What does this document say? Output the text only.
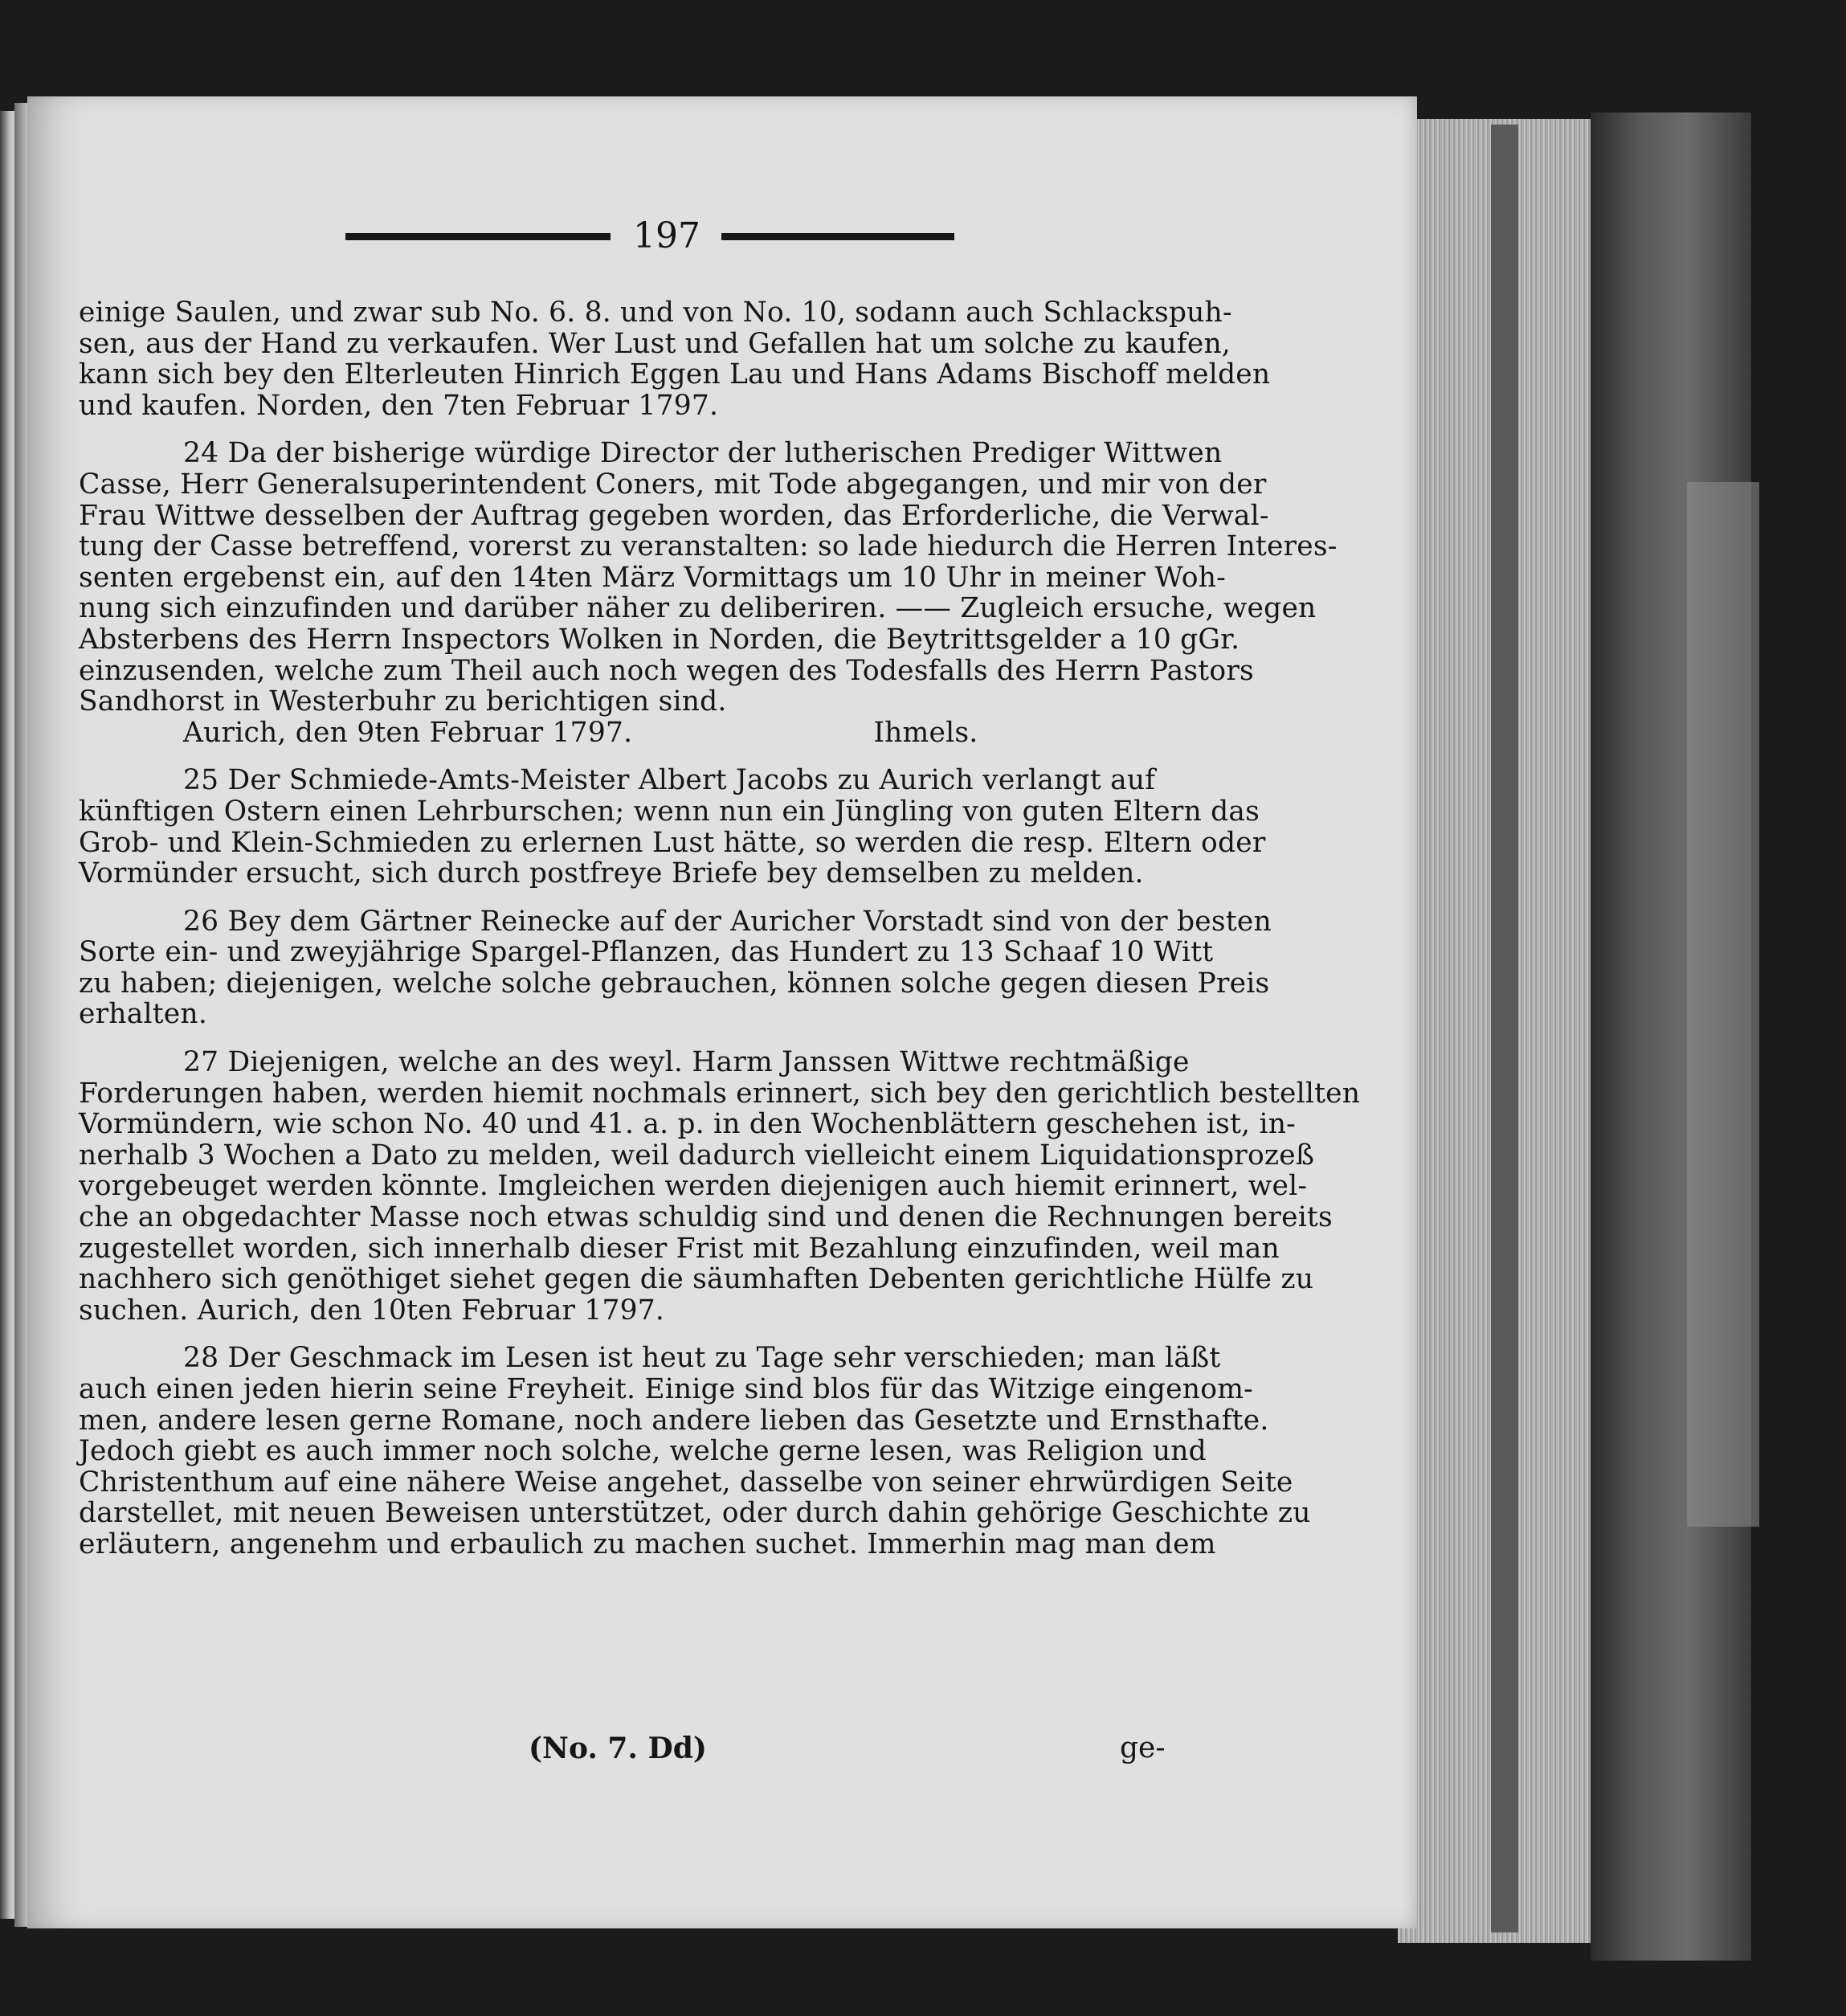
197

einige Saulen, und zwar sub No. 6. 8. und von No. 10, sodann auch Schlackspuh-
sen, aus der Hand zu verkaufen. Wer Lust und Gefallen hat um solche zu kaufen,
kann sich bey den Elterleuten Hinrich Eggen Lau und Hans Adams Bischoff melden
und kaufen. Norden, den 7ten Februar 1797.

24 Da der bisherige würdige Director der lutherischen Prediger Wittwen
Casse, Herr Generalsuperintendent Coners, mit Tode abgegangen, und mir von der
Frau Wittwe desselben der Auftrag gegeben worden, das Erforderliche, die Verwal-
tung der Casse betreffend, vorerst zu veranstalten: so lade hiedurch die Herren Interes-
senten ergebenst ein, auf den 14ten März Vormittags um 10 Uhr in meiner Woh-
nung sich einzufinden und darüber näher zu deliberiren. —— Zugleich ersuche, wegen
Absterbens des Herrn Inspectors Wolken in Norden, die Beytrittsgelder a 10 gGr.
einzusenden, welche zum Theil auch noch wegen des Todesfalls des Herrn Pastors
Sandhorst in Westerbuhr zu berichtigen sind.
Aurich, den 9ten Februar 1797.	Ihmels.

25 Der Schmiede-Amts-Meister Albert Jacobs zu Aurich verlangt auf
künftigen Ostern einen Lehrburschen; wenn nun ein Jüngling von guten Eltern das
Grob- und Klein-Schmieden zu erlernen Lust hätte, so werden die resp. Eltern oder
Vormünder ersucht, sich durch postfreye Briefe bey demselben zu melden.

26 Bey dem Gärtner Reinecke auf der Auricher Vorstadt sind von der besten
Sorte ein- und zweyjährige Spargel-Pflanzen, das Hundert zu 13 Schaaf 10 Witt
zu haben; diejenigen, welche solche gebrauchen, können solche gegen diesen Preis
erhalten.

27 Diejenigen, welche an des weyl. Harm Janssen Wittwe rechtmäßige
Forderungen haben, werden hiemit nochmals erinnert, sich bey den gerichtlich bestellten
Vormündern, wie schon No. 40 und 41. a. p. in den Wochenblättern geschehen ist, in-
nerhalb 3 Wochen a Dato zu melden, weil dadurch vielleicht einem Liquidationsprozeß
vorgebeuget werden könnte. Imgleichen werden diejenigen auch hiemit erinnert, wel-
che an obgedachter Masse noch etwas schuldig sind und denen die Rechnungen bereits
zugestellet worden, sich innerhalb dieser Frist mit Bezahlung einzufinden, weil man
nachhero sich genöthiget siehet gegen die säumhaften Debenten gerichtliche Hülfe zu
suchen. Aurich, den 10ten Februar 1797.

28 Der Geschmack im Lesen ist heut zu Tage sehr verschieden; man läßt
auch einen jeden hierin seine Freyheit. Einige sind blos für das Witzige eingenom-
men, andere lesen gerne Romane, noch andere lieben das Gesetzte und Ernsthafte.
Jedoch giebt es auch immer noch solche, welche gerne lesen, was Religion und
Christenthum auf eine nähere Weise angehet, dasselbe von seiner ehrwürdigen Seite
darstellet, mit neuen Beweisen unterstützet, oder durch dahin gehörige Geschichte zu
erläutern, angenehm und erbaulich zu machen suchet. Immerhin mag man dem

(No. 7. Dd)	ge-
